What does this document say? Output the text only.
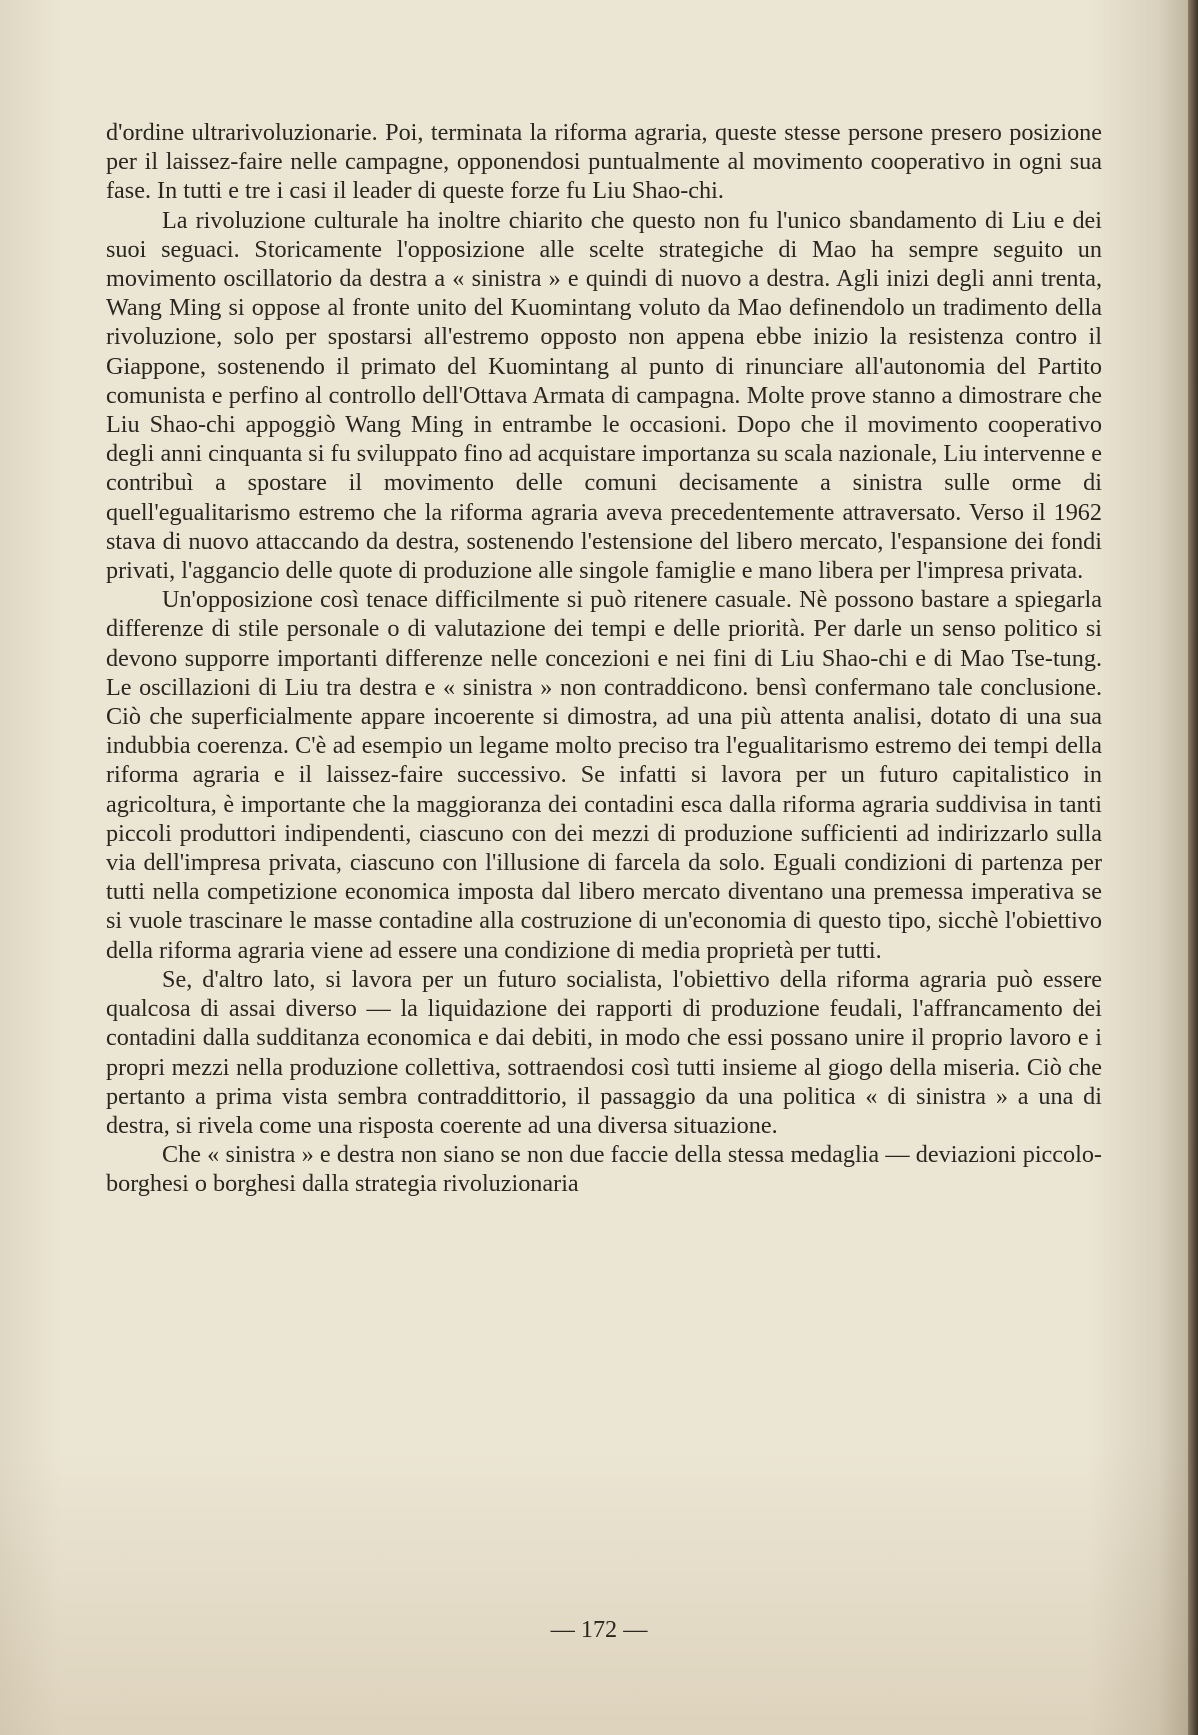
d'ordine ultrarivoluzionarie. Poi, terminata la riforma agraria, queste stesse persone presero posizione per il laissez-faire nelle campagne, opponendosi puntualmente al movimento cooperativo in ogni sua fase. In tutti e tre i casi il leader di queste forze fu Liu Shao-chi.

La rivoluzione culturale ha inoltre chiarito che questo non fu l'unico sbandamento di Liu e dei suoi seguaci. Storicamente l'opposizione alle scelte strategiche di Mao ha sempre seguito un movimento oscillatorio da destra a « sinistra » e quindi di nuovo a destra. Agli inizi degli anni trenta, Wang Ming si oppose al fronte unito del Kuomintang voluto da Mao definendolo un tradimento della rivoluzione, solo per spostarsi all'estremo opposto non appena ebbe inizio la resistenza contro il Giappone, sostenendo il primato del Kuomintang al punto di rinunciare all'autonomia del Partito comunista e perfino al controllo dell'Ottava Armata di campagna. Molte prove stanno a dimostrare che Liu Shao-chi appoggiò Wang Ming in entrambe le occasioni. Dopo che il movimento cooperativo degli anni cinquanta si fu sviluppato fino ad acquistare importanza su scala nazionale, Liu intervenne e contribuì a spostare il movimento delle comuni decisamente a sinistra sulle orme di quell'egualitarismo estremo che la riforma agraria aveva precedentemente attraversato. Verso il 1962 stava di nuovo attaccando da destra, sostenendo l'estensione del libero mercato, l'espansione dei fondi privati, l'aggancio delle quote di produzione alle singole famiglie e mano libera per l'impresa privata.

Un'opposizione così tenace difficilmente si può ritenere casuale. Nè possono bastare a spiegarla differenze di stile personale o di valutazione dei tempi e delle priorità. Per darle un senso politico si devono supporre importanti differenze nelle concezioni e nei fini di Liu Shao-chi e di Mao Tse-tung. Le oscillazioni di Liu tra destra e « sinistra » non contraddicono. bensì confermano tale conclusione. Ciò che superficialmente appare incoerente si dimostra, ad una più attenta analisi, dotato di una sua indubbia coerenza. C'è ad esempio un legame molto preciso tra l'egualitarismo estremo dei tempi della riforma agraria e il laissez-faire successivo. Se infatti si lavora per un futuro capitalistico in agricoltura, è importante che la maggioranza dei contadini esca dalla riforma agraria suddivisa in tanti piccoli produttori indipendenti, ciascuno con dei mezzi di produzione sufficienti ad indirizzarlo sulla via dell'impresa privata, ciascuno con l'illusione di farcela da solo. Eguali condizioni di partenza per tutti nella competizione economica imposta dal libero mercato diventano una premessa imperativa se si vuole trascinare le masse contadine alla costruzione di un'economia di questo tipo, sicchè l'obiettivo della riforma agraria viene ad essere una condizione di media proprietà per tutti.

Se, d'altro lato, si lavora per un futuro socialista, l'obiettivo della riforma agraria può essere qualcosa di assai diverso — la liquidazione dei rapporti di produzione feudali, l'affrancamento dei contadini dalla sudditanza economica e dai debiti, in modo che essi possano unire il proprio lavoro e i propri mezzi nella produzione collettiva, sottraendosi così tutti insieme al giogo della miseria. Ciò che pertanto a prima vista sembra contraddittorio, il passaggio da una politica « di sinistra » a una di destra, si rivela come una risposta coerente ad una diversa situazione.

Che « sinistra » e destra non siano se non due faccie della stessa medaglia — deviazioni piccolo-borghesi o borghesi dalla strategia rivoluzionaria

— 172 —
